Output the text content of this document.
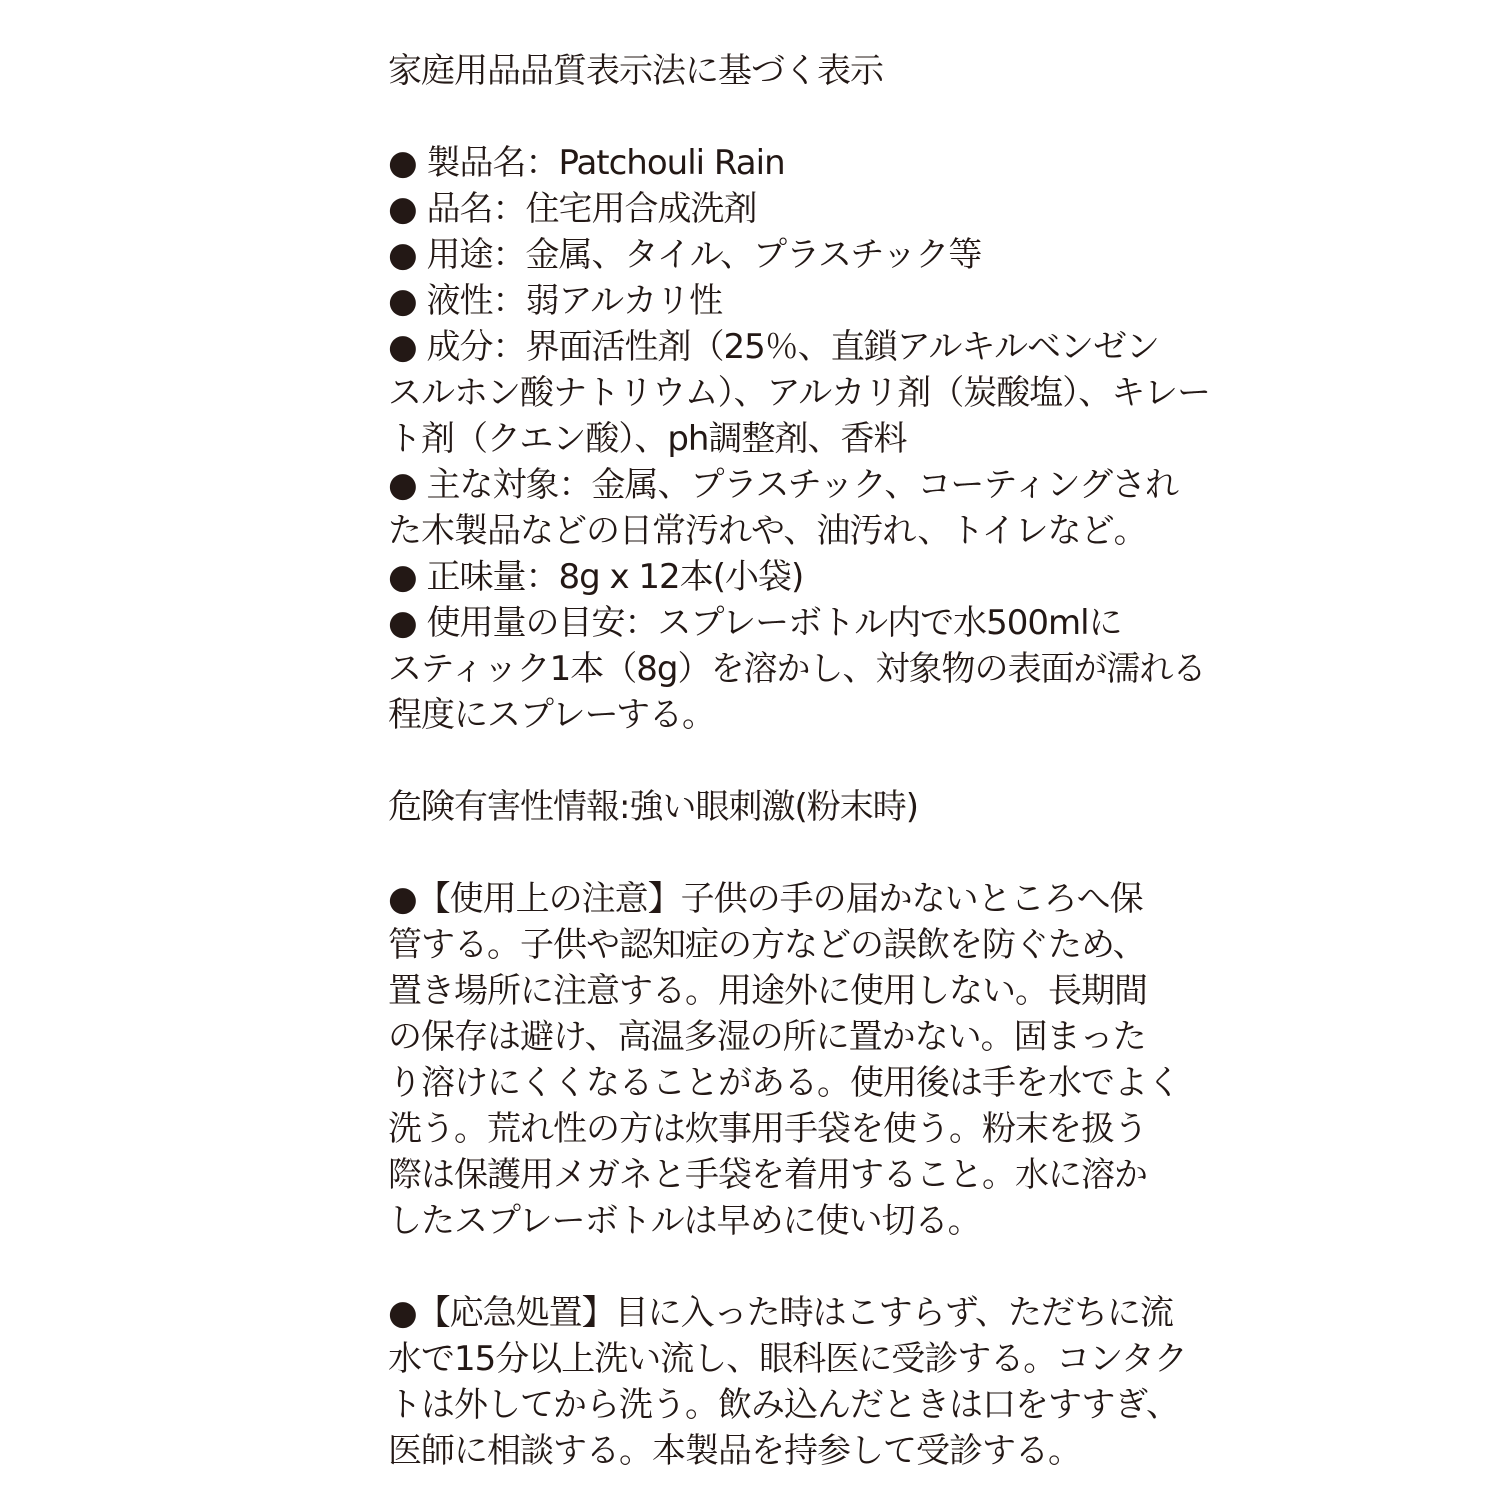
家庭用品品質表示法に基づく表示

● 製品名：Patchouli Rain

● 品名：住宅用合成洗剤

● 用途：金属、タイル、プラスチック等

● 液性：弱アルカリ性

● 成分：界面活性剤（25％、直鎖アルキルベンゼン

スルホン酸ナトリウム）、アルカリ剤（炭酸塩）、キレー

ト剤（クエン酸）、ph調整剤、香料

● 主な対象：金属、プラスチック、コーティングされ

た木製品などの日常汚れや、油汚れ、トイレなど。

● 正味量：8g x 12本(小袋)

● 使用量の目安：スプレーボトル内で水500mlに

スティック1本（8g）を溶かし、対象物の表面が濡れる

程度にスプレーする。

危険有害性情報:強い眼刺激(粉末時)

●【使用上の注意】子供の手の届かないところへ保

管する。子供や認知症の方などの誤飲を防ぐため、

置き場所に注意する。用途外に使用しない。長期間

の保存は避け、高温多湿の所に置かない。固まった

り溶けにくくなることがある。使用後は手を水でよく

洗う。荒れ性の方は炊事用手袋を使う。粉末を扱う

際は保護用メガネと手袋を着用すること。水に溶か

したスプレーボトルは早めに使い切る。

●【応急処置】目に入った時はこすらず、ただちに流

水で15分以上洗い流し、眼科医に受診する。コンタク

トは外してから洗う。飲み込んだときは口をすすぎ、

医師に相談する。本製品を持参して受診する。
